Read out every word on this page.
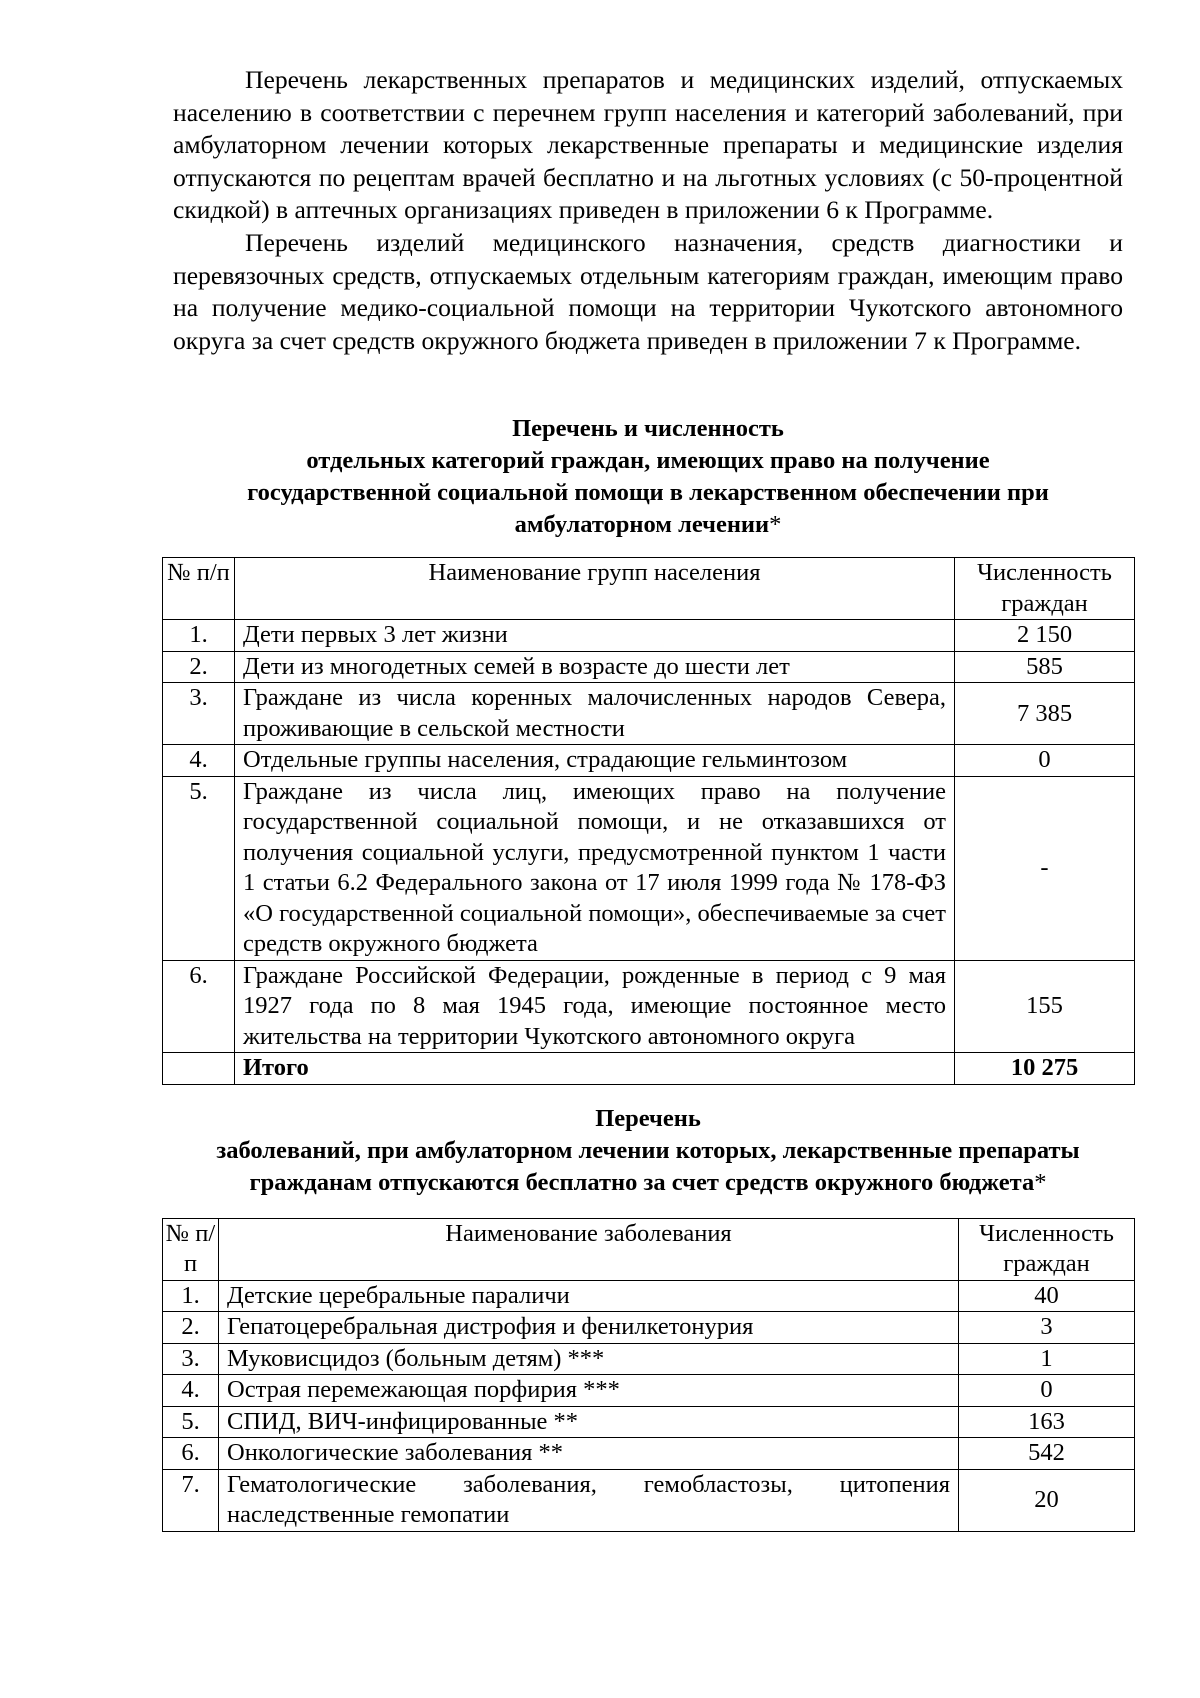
Перечень лекарственных препаратов и медицинских изделий, отпускаемых населению в соответствии с перечнем групп населения и категорий заболеваний, при амбулаторном лечении которых лекарственные препараты и медицинские изделия отпускаются по рецептам врачей бесплатно и на льготных условиях (с 50-процентной скидкой) в аптечных организациях приведен в приложении 6 к Программе.

Перечень изделий медицинского назначения, средств диагностики и перевязочных средств, отпускаемых отдельным категориям граждан, имеющим право на получение медико-социальной помощи на территории Чукотского автономного округа за счет средств окружного бюджета приведен в приложении 7 к Программе.

Перечень и численность
отдельных категорий граждан, имеющих право на получение
государственной социальной помощи в лекарственном обеспечении при
амбулаторном лечении*
№ п/п	Наименование групп населения	Численность граждан
1.	Дети первых 3 лет жизни	2 150
2.	Дети из многодетных семей в возрасте до шести лет	585
3.	Граждане из числа коренных малочисленных народов Севера, проживающие в сельской местности	7 385
4.	Отдельные группы населения, страдающие гельминтозом	0
5.	Граждане из числа лиц, имеющих право на получение государственной социальной помощи, и не отказавшихся от получения социальной услуги, предусмотренной пунктом 1 части 1 статьи 6.2 Федерального закона от 17 июля 1999 года № 178-ФЗ «О государственной социальной помощи», обеспечиваемые за счет средств окружного бюджета	-
6.	Граждане Российской Федерации, рожденные в период с 9 мая 1927 года по 8 мая 1945 года, имеющие постоянное место жительства на территории Чукотского автономного округа	155
	Итого	10 275
Перечень
заболеваний, при амбулаторном лечении которых, лекарственные препараты
гражданам отпускаются бесплатно за счет средств окружного бюджета*
№ п/п	Наименование заболевания	Численность граждан
1.	Детские церебральные параличи	40
2.	Гепатоцеребральная дистрофия и фенилкетонурия	3
3.	Муковисцидоз (больным детям) ***	1
4.	Острая перемежающая порфирия ***	0
5.	СПИД, ВИЧ-инфицированные **	163
6.	Онкологические заболевания **	542
7.	Гематологические заболевания, гемобластозы, цитопения наследственные гемопатии	20
